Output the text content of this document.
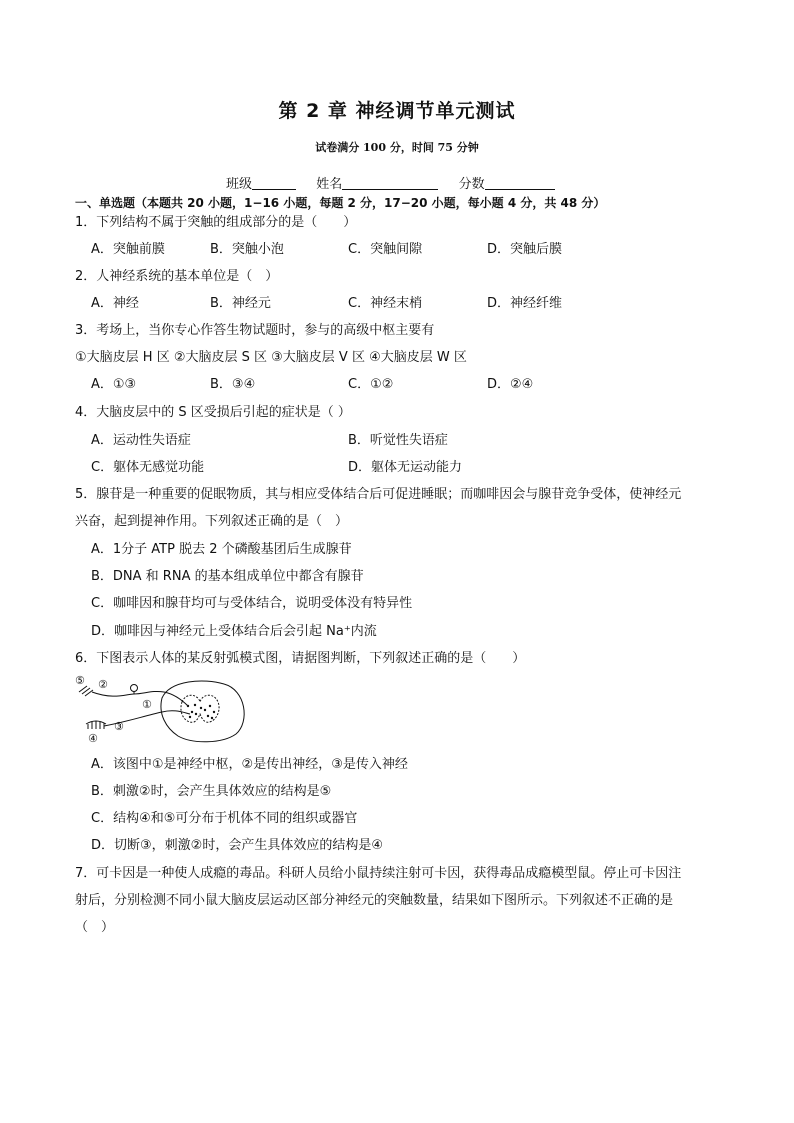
第 2 章 神经调节单元测试
试卷满分 100 分，时间 75 分钟
班级	姓名	分数
一、单选题（本题共 20 小题，1−16 小题，每题 2 分，17−20 小题，每小题 4 分，共 48 分）
1．下列结构不属于突触的组成部分的是（　　）
A．突触前膜	B．突触小泡	C．突触间隙	D．突触后膜
2．人神经系统的基本单位是（　）
A．神经	B．神经元	C．神经末梢	D．神经纤维
3．考场上，当你专心作答生物试题时，参与的高级中枢主要有
①大脑皮层 H 区 ②大脑皮层 S 区 ③大脑皮层 V 区 ④大脑皮层 W 区
A．①③	B．③④	C．①②	D．②④
4．大脑皮层中的 S 区受损后引起的症状是（ ）
A．运动性失语症	B．听觉性失语症
C．躯体无感觉功能	D．躯体无运动能力
5．腺苷是一种重要的促眠物质，其与相应受体结合后可促进睡眠；而咖啡因会与腺苷竞争受体，使神经元
兴奋，起到提神作用。下列叙述正确的是（　）
A．1分子 ATP 脱去 2 个磷酸基团后生成腺苷
B．DNA 和 RNA 的基本组成单位中都含有腺苷
C．咖啡因和腺苷均可与受体结合，说明受体没有特异性
D．咖啡因与神经元上受体结合后会引起 Na⁺内流
6．下图表示人体的某反射弧模式图，请据图判断，下列叙述正确的是（　　）
⑤ ②
①
③
④
A．该图中①是神经中枢，②是传出神经，③是传入神经
B．刺激②时，会产生具体效应的结构是⑤
C．结构④和⑤可分布于机体不同的组织或器官
D．切断③，刺激②时，会产生具体效应的结构是④
7．可卡因是一种使人成瘾的毒品。科研人员给小鼠持续注射可卡因，获得毒品成瘾模型鼠。停止可卡因注
射后，分别检测不同小鼠大脑皮层运动区部分神经元的突触数量，结果如下图所示。下列叙述不正确的是
（　）
